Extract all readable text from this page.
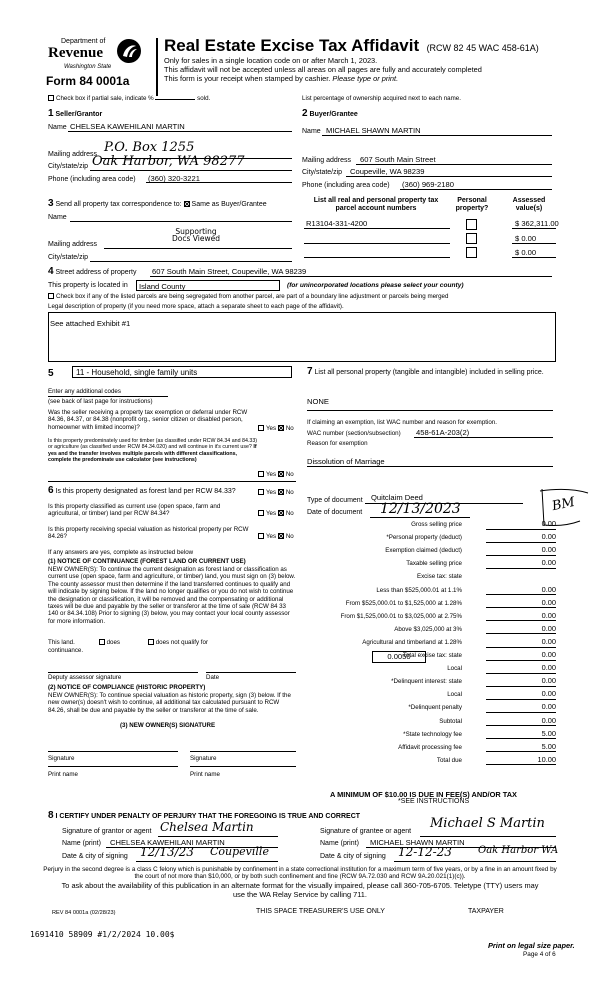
Department of
Revenue
Washington State
Form 84 0001a
Real Estate Excise Tax Affidavit (RCW 82 45 WAC 458-61A)
Only for sales in a single location code on or after March 1, 2023.
This affidavit will not be accepted unless all areas on all pages are fully and accurately completed
This form is your receipt when stamped by cashier. Please type or print.
Check box if partial sale, indicate %	sold.	List percentage of ownership acquired next to each name.
1 Seller/Grantor
Name CHELSEA KAWEHILANI MARTIN
Mailing address P.O. Box 1255
City/state/zip Oak Harbor, WA 98277
Phone (including area code) (360) 320-3221
2 Buyer/Grantee
Name MICHAEL SHAWN MARTIN
Mailing address 607 South Main Street
City/state/zip Coupeville, WA 98239
Phone (including area code) (360) 969-2180
3 Send all property tax correspondence to: Same as Buyer/Grantee
Name
Supporting
Docs Viewed
Mailing address
City/state/zip
List all real and personal property tax parcel account numbers
Personal property?
Assessed value(s)
R13104-331-4200	$ 362,311.00
$ 0.00
$ 0.00
4 Street address of property 607 South Main Street, Coupeville, WA 98239
This property is located in	Island County	(for unincorporated locations please select your county)
Check box if any of the listed parcels are being segregated from another parcel, are part of a boundary line adjustment or parcels being merged
Legal description of property (if you need more space, attach a separate sheet to each page of the affidavit).
See attached Exhibit #1
5	11 - Household, single family units
Enter any additional codes
(see back of last page for instructions)
Was the seller receiving a property tax exemption or deferral under RCW 84.36, 84.37, or 84.38 (nonprofit org., senior citizen or disabled person, homeowner with limited income)?	Yes No
Is this property predominately used for timber (as classified under RCW 84.34 and 84.33) or agriculture (as classified under RCW 84.34.020) and will continue in it's current use? If yes and the transfer involves multiple parcels with different classifications, complete the predominate use calculator (see instructions)
Yes No
6 Is this property designated as forest land per RCW 84.33?	Yes No
Is this property classified as current use (open space, farm and agricultural, or timber) land per RCW 84.34?	Yes No
Is this property receiving special valuation as historical property per RCW 84.26?	Yes No
If any answers are yes, complete as instructed below
(1) NOTICE OF CONTINUANCE (FOREST LAND OR CURRENT USE)
NEW OWNER(S): To continue the current designation as forest land or classification as current use (open space, farm and agriculture, or timber) land, you must sign on (3) below. The county assessor must then determine if the land transferred continues to qualify and will indicate by signing below. If the land no longer qualifies or you do not wish to continue the designation or classification, it will be removed and the compensating or additional taxes will be due and payable by the seller or transferor at the time of sale (RCW 84 33 140 or 84.34.108) Prior to signing (3) below, you may contact your local county assessor for more information.
This land.	does	does not qualify for
continuance.
Deputy assessor signature	Date
(2) NOTICE OF COMPLIANCE (HISTORIC PROPERTY)
NEW OWNER(S): To continue special valuation as historic property, sign (3) below. If the new owner(s) doesn't wish to continue, all additional tax calculated pursuant to RCW 84.26, shall be due and payable by the seller or transferor at the time of sale.
(3) NEW OWNER(S) SIGNATURE
Signature	Signature
Print name	Print name
7 List all personal property (tangible and intangible) included in selling price.
NONE
If claiming an exemption, list WAC number and reason for exemption.
WAC number (section/subsection) 458-61A-203(2)
Reason for exemption
Dissolution of Marriage
Type of document Quitclaim Deed
Date of document 12/13/2023	BM
Gross selling price	0.00
*Personal property (deduct)	0.00
Exemption claimed (deduct)	0.00
Taxable selling price	0.00
Excise tax: state
Less than $525,000.01 at 1.1%	0.00
From $525,000.01 to $1,525,000 at 1.28%	0.00
From $1,525,000.01 to $3,025,000 at 2.75%	0.00
Above $3,025,000 at 3%	0.00
Agricultural and timberland at 1.28%	0.00
Total excise tax: state	0.00
Local	0.00
*Delinquent interest: state	0.00
Local	0.00
*Delinquent penalty	0.00
Subtotal	0.00
*State technology fee	5.00
Affidavit processing fee	5.00
Total due	10.00
0.0050
A MINIMUM OF $10.00 IS DUE IN FEE(S) AND/OR TAX
*SEE INSTRUCTIONS
8 I CERTIFY UNDER PENALTY OF PERJURY THAT THE FOREGOING IS TRUE AND CORRECT
Signature of grantor or agent Chelsea Martin
Name (print) CHELSEA KAWEHILANI MARTIN
Date & city of signing 12/13/23 Coupeville
Signature of grantee or agent
Michael S Martin
Name (print) MICHAEL SHAWN MARTIN
Date & city of signing 12-12-23	Oak Harbor WA
Perjury in the second degree is a class C felony which is punishable by confinement in a state correctional institution for a maximum term of five years, or by a fine in an amount fixed by the court of not more than $10,000, or by both such confinement and fine (RCW 9A.72.030 and RCW 9A.20.021(1)(c)).
To ask about the availability of this publication in an alternate format for the visually impaired, please call 360-705-6705. Teletype (TTY) users may use the WA Relay Service by calling 711.
REV 84 0001a (02/28/23)	THIS SPACE TREASURER'S USE ONLY	TAXPAYER
1691410 58909 #1/2/2024 10.00$
Print on legal size paper.
Page 4 of 6
